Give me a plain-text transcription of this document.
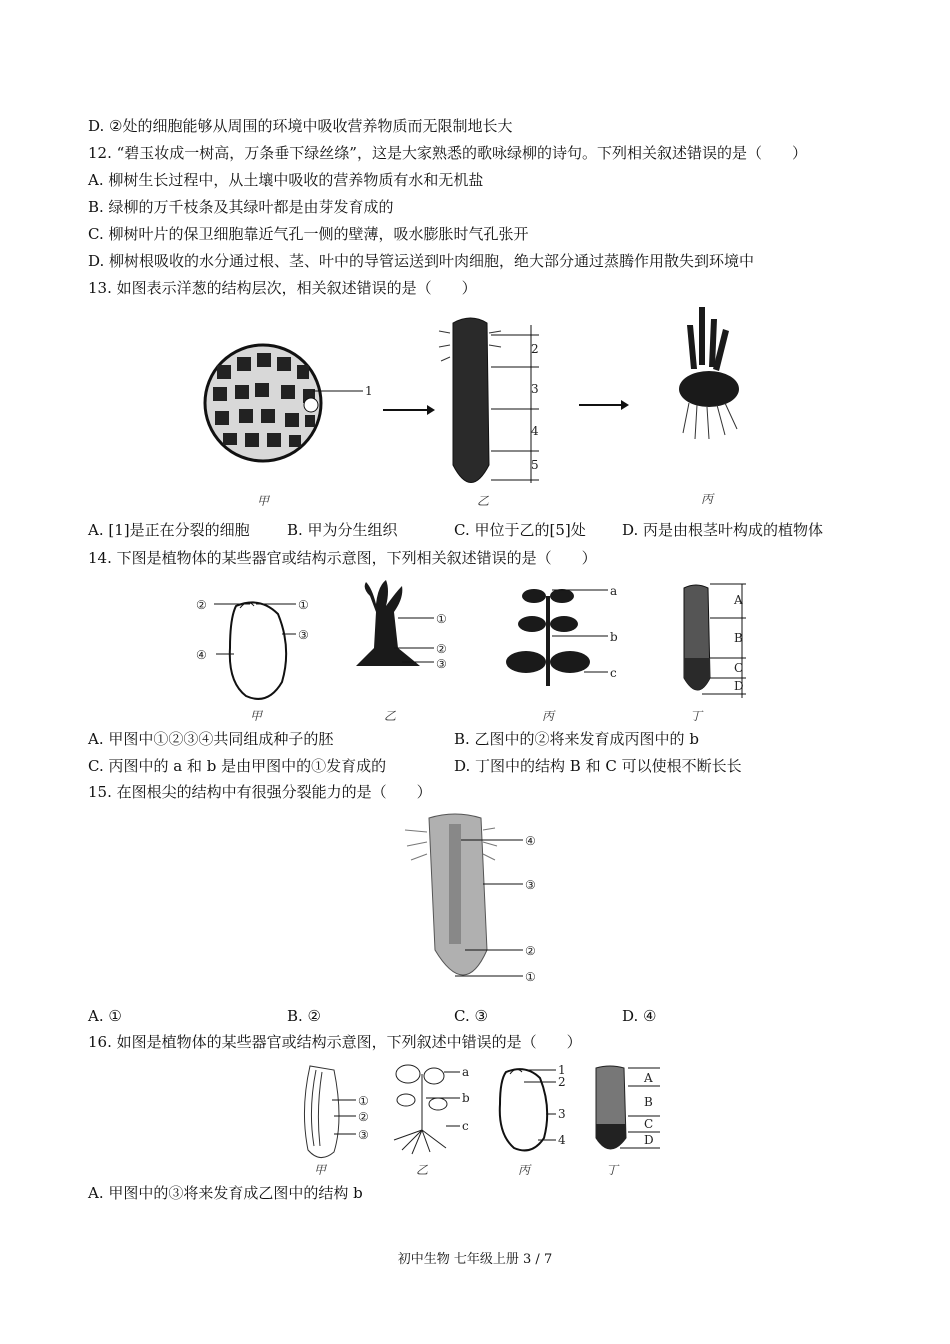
D. ②处的细胞能够从周围的环境中吸收营养物质而无限制地长大
12. “碧玉妆成一树高，万条垂下绿丝绦”，这是大家熟悉的歌咏绿柳的诗句。下列相关叙述错误的是（　　）
A. 柳树生长过程中，从土壤中吸收的营养物质有水和无机盐
B. 绿柳的万千枝条及其绿叶都是由芽发育成的
C. 柳树叶片的保卫细胞靠近气孔一侧的壁薄，吸水膨胀时气孔张开
D. 柳树根吸收的水分通过根、茎、叶中的导管运送到叶肉细胞，绝大部分通过蒸腾作用散失到环境中
13. 如图表示洋葱的结构层次，相关叙述错误的是（　　）
1
甲
2
3
4
5
乙	丙
A. [1]是正在分裂的细胞 B. 甲为分生组织	C. 甲位于乙的[5]处 D. 丙是由根茎叶构成的植物体
14. 下图是植物体的某些器官或结构示意图，下列相关叙述错误的是（　　）
②	①
③
④
甲
①
②
③
乙
a
b
c
丙
A
B
C
D
丁
A. 甲图中①②③④共同组成种子的胚	B. 乙图中的②将来发育成丙图中的 b
C. 丙图中的 a 和 b 是由甲图中的①发育成的	D. 丁图中的结构 B 和 C 可以使根不断长长
15. 在图根尖的结构中有很强分裂能力的是（　　）
④
③
②
①
A. ①	B. ②	C. ③	D. ④
16. 如图是植物体的某些器官或结构示意图，下列叙述中错误的是（　　）
①
②
③
甲
a
b
c
乙
1
2
3
4
丙
A
B
C
D
丁
A. 甲图中的③将来发育成乙图中的结构 b
初中生物 七年级上册 3 / 7
